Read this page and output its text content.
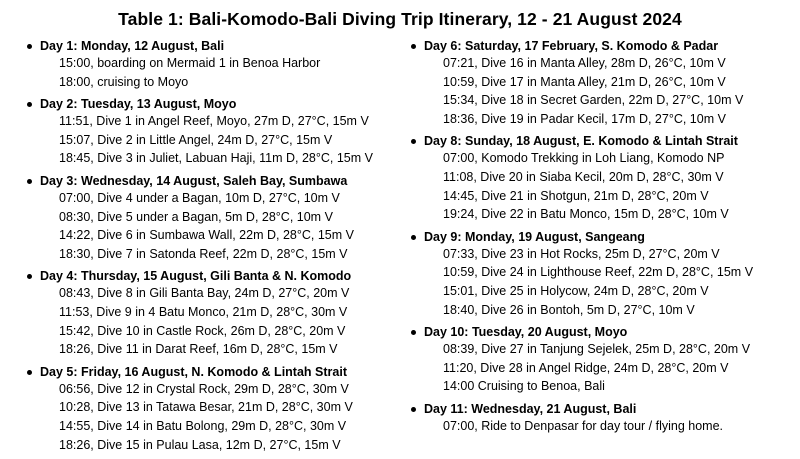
Table 1: Bali-Komodo-Bali Diving Trip Itinerary, 12 - 21 August 2024
Day 1: Monday, 12 August, Bali
15:00, boarding on Mermaid 1 in Benoa Harbor
18:00, cruising to Moyo
Day 2: Tuesday, 13 August, Moyo
11:51, Dive 1 in Angel Reef, Moyo, 27m D, 27°C, 15m V
15:07, Dive 2 in Little Angel, 24m D, 27°C, 15m V
18:45, Dive 3 in Juliet, Labuan Haji, 11m D, 28°C, 15m V
Day 3: Wednesday, 14 August, Saleh Bay, Sumbawa
07:00, Dive 4 under a Bagan, 10m D, 27°C, 10m V
08:30, Dive 5 under a Bagan, 5m D, 28°C, 10m V
14:22, Dive 6 in Sumbawa Wall, 22m D, 28°C, 15m V
18:30, Dive 7 in Satonda Reef, 22m D, 28°C, 15m V
Day 4: Thursday, 15 August, Gili Banta & N. Komodo
08:43, Dive 8 in Gili Banta Bay, 24m D, 27°C, 20m V
11:53, Dive 9 in 4 Batu Monco, 21m D, 28°C, 30m V
15:42, Dive 10 in Castle Rock, 26m D, 28°C, 20m V
18:26, Dive 11 in Darat Reef, 16m D, 28°C, 15m V
Day 5: Friday, 16 August, N. Komodo & Lintah Strait
06:56, Dive 12 in Crystal Rock, 29m D, 28°C, 30m V
10:28, Dive 13 in Tatawa Besar, 21m D, 28°C, 30m V
14:55, Dive 14 in Batu Bolong, 29m D, 28°C, 30m V
18:26, Dive 15 in Pulau Lasa, 12m D, 27°C, 15m V
Day 6: Saturday, 17 February, S. Komodo & Padar
07:21, Dive 16 in Manta Alley, 28m D, 26°C, 10m V
10:59, Dive 17 in Manta Alley, 21m D, 26°C, 10m V
15:34, Dive 18 in Secret Garden, 22m D, 27°C, 10m V
18:36, Dive 19 in Padar Kecil, 17m D, 27°C, 10m V
Day 8: Sunday, 18 August, E. Komodo & Lintah Strait
07:00, Komodo Trekking in Loh Liang, Komodo NP
11:08, Dive 20 in Siaba Kecil, 20m D, 28°C, 30m V
14:45, Dive 21 in Shotgun, 21m D, 28°C, 20m V
19:24, Dive 22 in Batu Monco, 15m D, 28°C, 10m V
Day 9: Monday, 19 August, Sangeang
07:33, Dive 23 in Hot Rocks, 25m D, 27°C, 20m V
10:59, Dive 24 in Lighthouse Reef, 22m D, 28°C, 15m V
15:01, Dive 25 in Holycow, 24m D, 28°C, 20m V
18:40, Dive 26 in Bontoh, 5m D, 27°C, 10m V
Day 10: Tuesday, 20 August, Moyo
08:39, Dive 27 in Tanjung Sejelek, 25m D, 28°C, 20m V
11:20, Dive 28 in Angel Ridge, 24m D, 28°C, 20m V
14:00 Cruising to Benoa, Bali
Day 11: Wednesday, 21 August, Bali
07:00, Ride to Denpasar for day tour / flying home.
